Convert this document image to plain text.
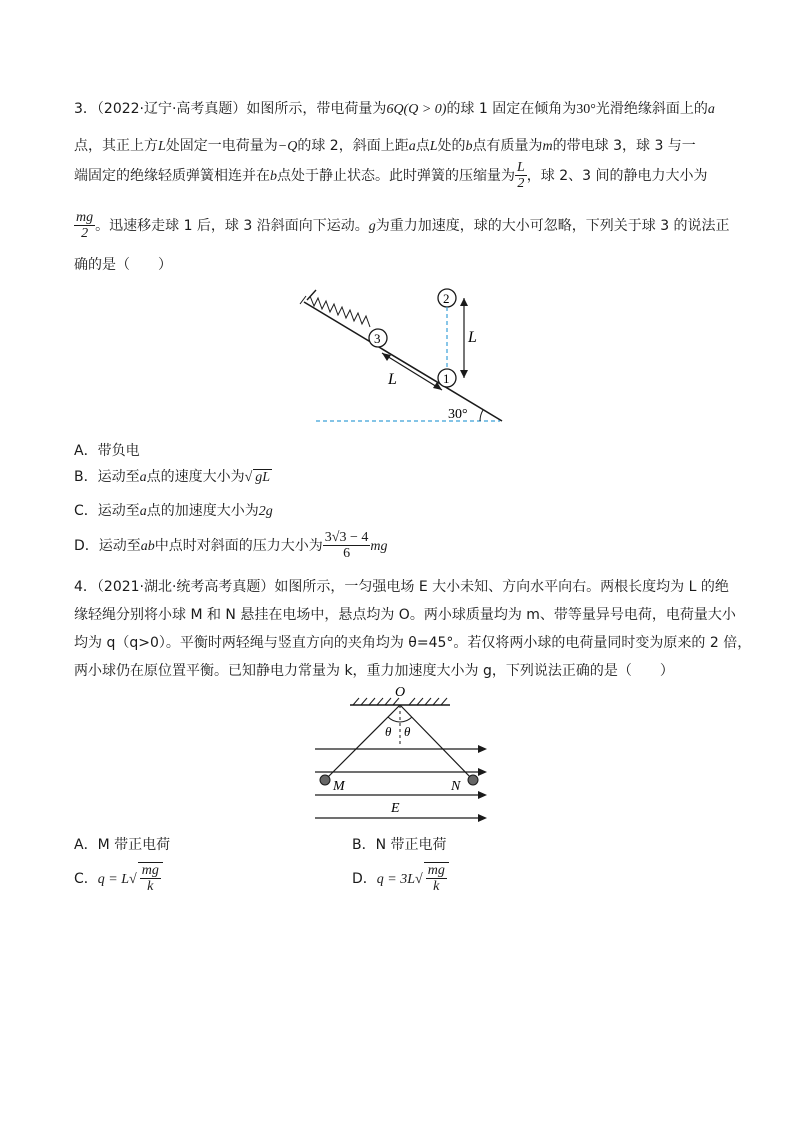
3．（2022·辽宁·高考真题）如图所示，带电荷量为6Q(Q > 0)的球 1 固定在倾角为30°光滑绝缘斜面上的a
点，其正上方L处固定一电荷量为−Q的球 2，斜面上距a点L处的b点有质量为m的带电球 3，球 3 与一
端固定的绝缘轻质弹簧相连并在b点处于静止状态。此时弹簧的压缩量为 $\frac{L}{2}$ ，球 2、3 间的静电力大小为
$\frac{mg}{2}$ 。迅速移走球 1 后，球 3 沿斜面向下运动。g为重力加速度，球的大小可忽略，下列关于球 3 的说法正
确的是（　　）
3
1
2
L
L
30°
A．带负电
B．运动至a点的速度大小为√ gL
C．运动至a点的加速度大小为2g
D．运动至ab中点时对斜面的压力大小为 $\frac{3√3 - 4}{6}$ mg
4．（2021·湖北·统考高考真题）如图所示，一匀强电场 E 大小未知、方向水平向右。两根长度均为 L 的绝
缘轻绳分别将小球 M 和 N 悬挂在电场中，悬点均为 O。两小球质量均为 m、带等量异号电荷，电荷量大小
均为 q（q>0）。平衡时两轻绳与竖直方向的夹角均为 θ=45°。若仅将两小球的电荷量同时变为原来的 2 倍，
两小球仍在原位置平衡。已知静电力常量为 k，重力加速度大小为 g，下列说法正确的是（　　）
O
θ θ
M	N
E
A．M 带正电荷	B．N 带正电荷
C．$q = L√ \frac{mg}{k}$	D．$q = 3L√ \frac{mg}{k}$
